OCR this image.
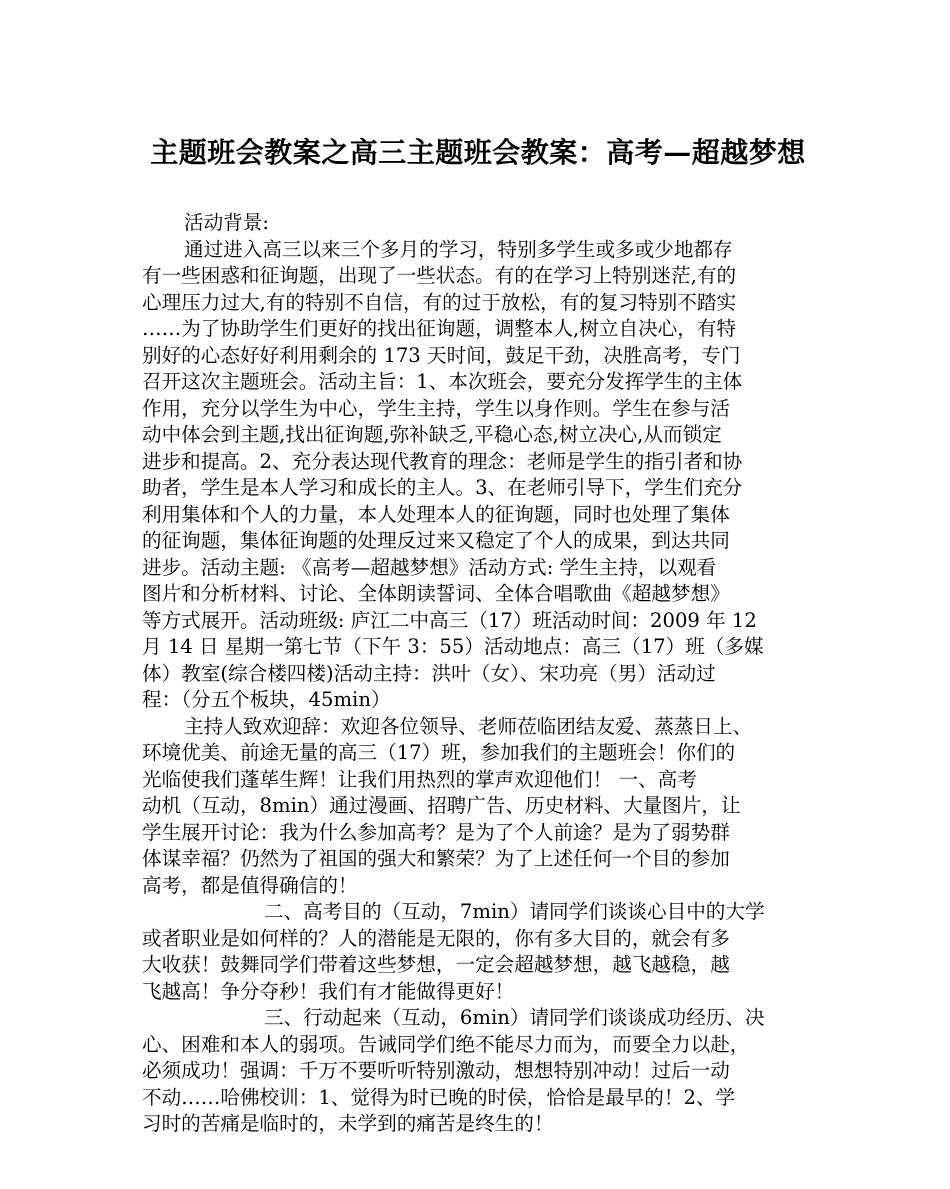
主题班会教案之高三主题班会教案：高考—超越梦想
活动背景:
通过进入高三以来三个多月的学习，特别多学生或多或少地都存
有一些困惑和征询题，出现了一些状态。有的在学习上特别迷茫,有的
心理压力过大,有的特别不自信，有的过于放松，有的复习特别不踏实
……为了协助学生们更好的找出征询题，调整本人,树立自决心，有特
别好的心态好好利用剩余的 173 天时间，鼓足干劲，决胜高考，专门
召开这次主题班会。活动主旨：1、本次班会，要充分发挥学生的主体
作用，充分以学生为中心，学生主持，学生以身作则。学生在参与活
动中体会到主题,找出征询题,弥补缺乏,平稳心态,树立决心,从而锁定
进步和提高。2、充分表达现代教育的理念：老师是学生的指引者和协
助者，学生是本人学习和成长的主人。3、在老师引导下，学生们充分
利用集体和个人的力量，本人处理本人的征询题，同时也处理了集体
的征询题，集体征询题的处理反过来又稳定了个人的成果，到达共同
进步。活动主题: 《高考—超越梦想》活动方式: 学生主持，以观看
图片和分析材料、讨论、全体朗读誓词、全体合唱歌曲《超越梦想》
等方式展开。活动班级: 庐江二中高三（17）班活动时间：2009 年 12
月 14 日 星期一第七节（下午 3：55）活动地点：高三（17）班（多媒
体）教室(综合楼四楼)活动主持：洪叶（女）、宋功亮（男）活动过
程：（分五个板块，45min）
主持人致欢迎辞：欢迎各位领导、老师莅临团结友爱、蒸蒸日上、
环境优美、前途无量的高三（17）班，参加我们的主题班会！你们的
光临使我们蓬荜生辉！让我们用热烈的掌声欢迎他们！ 一、高考
动机（互动，8min）通过漫画、招聘广告、历史材料、大量图片，让
学生展开讨论：我为什么参加高考？是为了个人前途？是为了弱势群
体谋幸福？仍然为了祖国的强大和繁荣？为了上述任何一个目的参加
高考，都是值得确信的！
二、高考目的（互动，7min）请同学们谈谈心目中的大学
或者职业是如何样的？人的潜能是无限的，你有多大目的，就会有多
大收获！鼓舞同学们带着这些梦想，一定会超越梦想，越飞越稳，越
飞越高！争分夺秒！我们有才能做得更好！
三、行动起来（互动，6min）请同学们谈谈成功经历、决
心、困难和本人的弱项。告诫同学们绝不能尽力而为，而要全力以赴，
必须成功！强调：千万不要听听特别激动，想想特别冲动！过后一动
不动……哈佛校训：1、觉得为时已晚的时侯，恰恰是最早的！2、学
习时的苦痛是临时的，未学到的痛苦是终生的！
